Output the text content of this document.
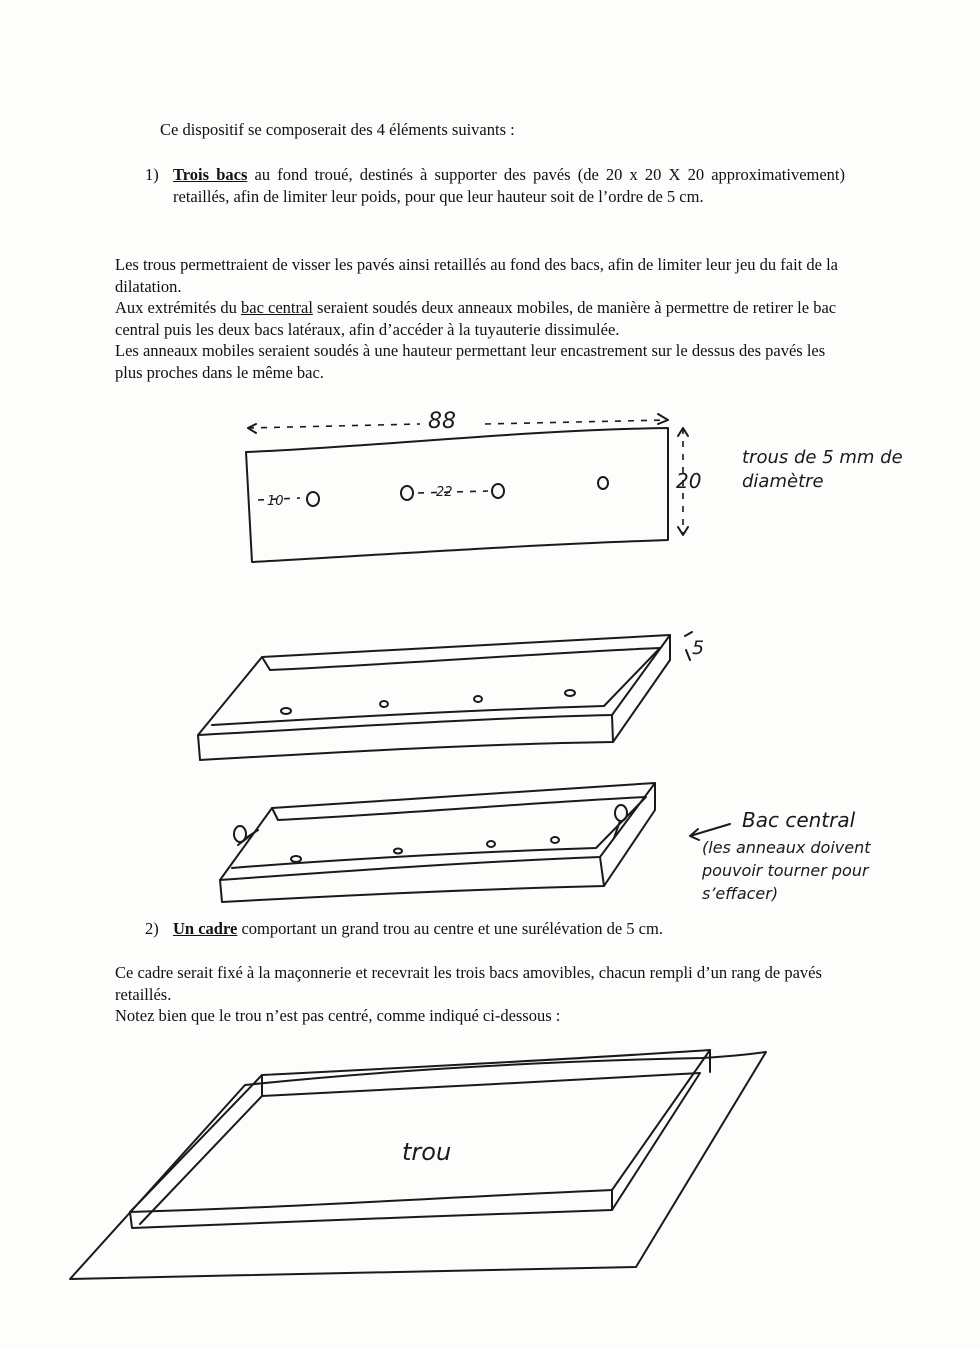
Ce dispositif se composerait des 4 éléments suivants :
1) Trois bacs au fond troué, destinés à supporter des pavés (de 20 x 20 X 20 approximativement) retaillés, afin de limiter leur poids, pour que leur hauteur soit de l’ordre de 5 cm.
Les trous permettraient de visser les pavés ainsi retaillés au fond des bacs, afin de limiter leur jeu du fait de la dilatation.
Aux extrémités du bac central seraient soudés deux anneaux mobiles, de manière à permettre de retirer le bac central puis les deux bacs latéraux, afin d’accéder à la tuyauterie dissimulée.
Les anneaux mobiles seraient soudés à une hauteur permettant leur encastrement sur le dessus des pavés les plus proches dans le même bac.
88
20
10
22
5
trous de 5 mm de diamètre
Bac central
(les anneaux doivent pouvoir tourner pour s’effacer)
trou
2) Un cadre comportant un grand trou au centre et une surélévation de 5 cm.
Ce cadre serait fixé à la maçonnerie et recevrait les trois bacs amovibles, chacun rempli d’un rang de pavés retaillés.
Notez bien que le trou n’est pas centré, comme indiqué ci-dessous :
